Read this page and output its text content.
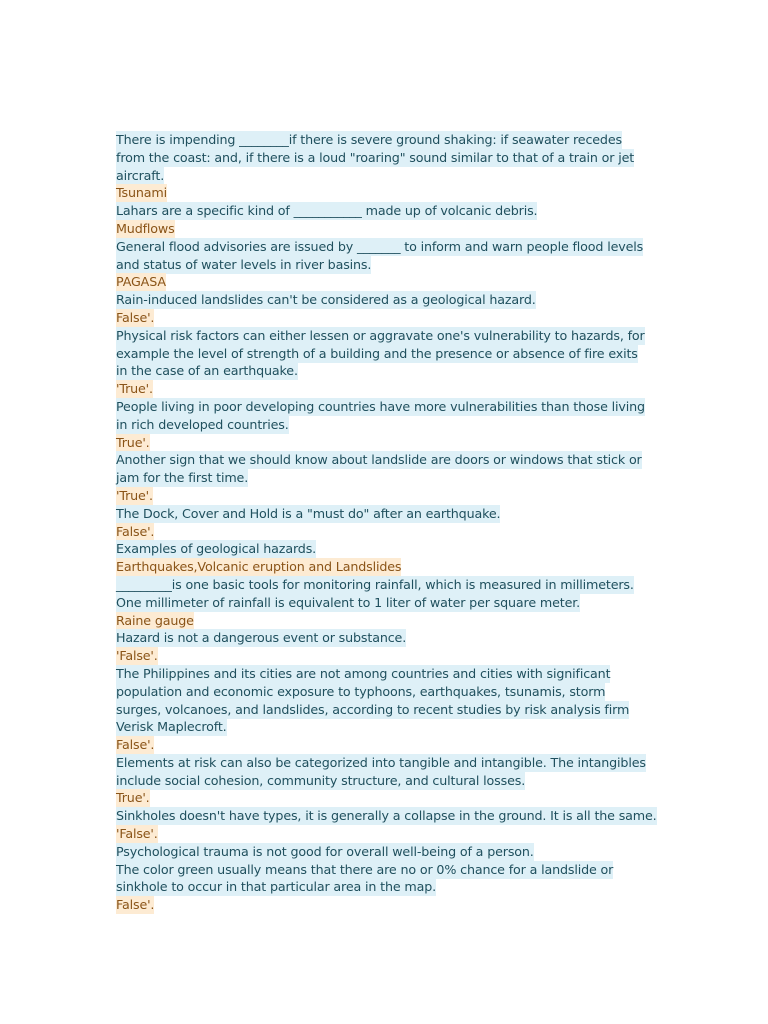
There is impending ________if there is severe ground shaking: if seawater recedes
from the coast: and, if there is a loud "roaring" sound similar to that of a train or jet
aircraft.
Tsunami
Lahars are a specific kind of ___________ made up of volcanic debris.
Mudflows
General flood advisories are issued by _______ to inform and warn people flood levels
and status of water levels in river basins.
PAGASA
Rain-induced landslides can't be considered as a geological hazard.
False'.
Physical risk factors can either lessen or aggravate one's vulnerability to hazards, for
example the level of strength of a building and the presence or absence of fire exits
in the case of an earthquake.
'True'.
People living in poor developing countries have more vulnerabilities than those living
in rich developed countries.
True'.
Another sign that we should know about landslide are doors or windows that stick or
jam for the first time.
'True'.
The Dock, Cover and Hold is a "must do" after an earthquake.
False'.
Examples of geological hazards.
Earthquakes,Volcanic eruption and Landslides
_________is one basic tools for monitoring rainfall, which is measured in millimeters.
One millimeter of rainfall is equivalent to 1 liter of water per square meter.
Raine gauge
Hazard is not a dangerous event or substance.
'False'.
The Philippines and its cities are not among countries and cities with significant
population and economic exposure to typhoons, earthquakes, tsunamis, storm
surges, volcanoes, and landslides, according to recent studies by risk analysis firm
Verisk Maplecroft.
False'.
Elements at risk can also be categorized into tangible and intangible. The intangibles
include social cohesion, community structure, and cultural losses.
True'.
Sinkholes doesn't have types, it is generally a collapse in the ground. It is all the same.
'False'.
Psychological trauma is not good for overall well-being of a person.
The color green usually means that there are no or 0% chance for a landslide or
sinkhole to occur in that particular area in the map.
False'.
